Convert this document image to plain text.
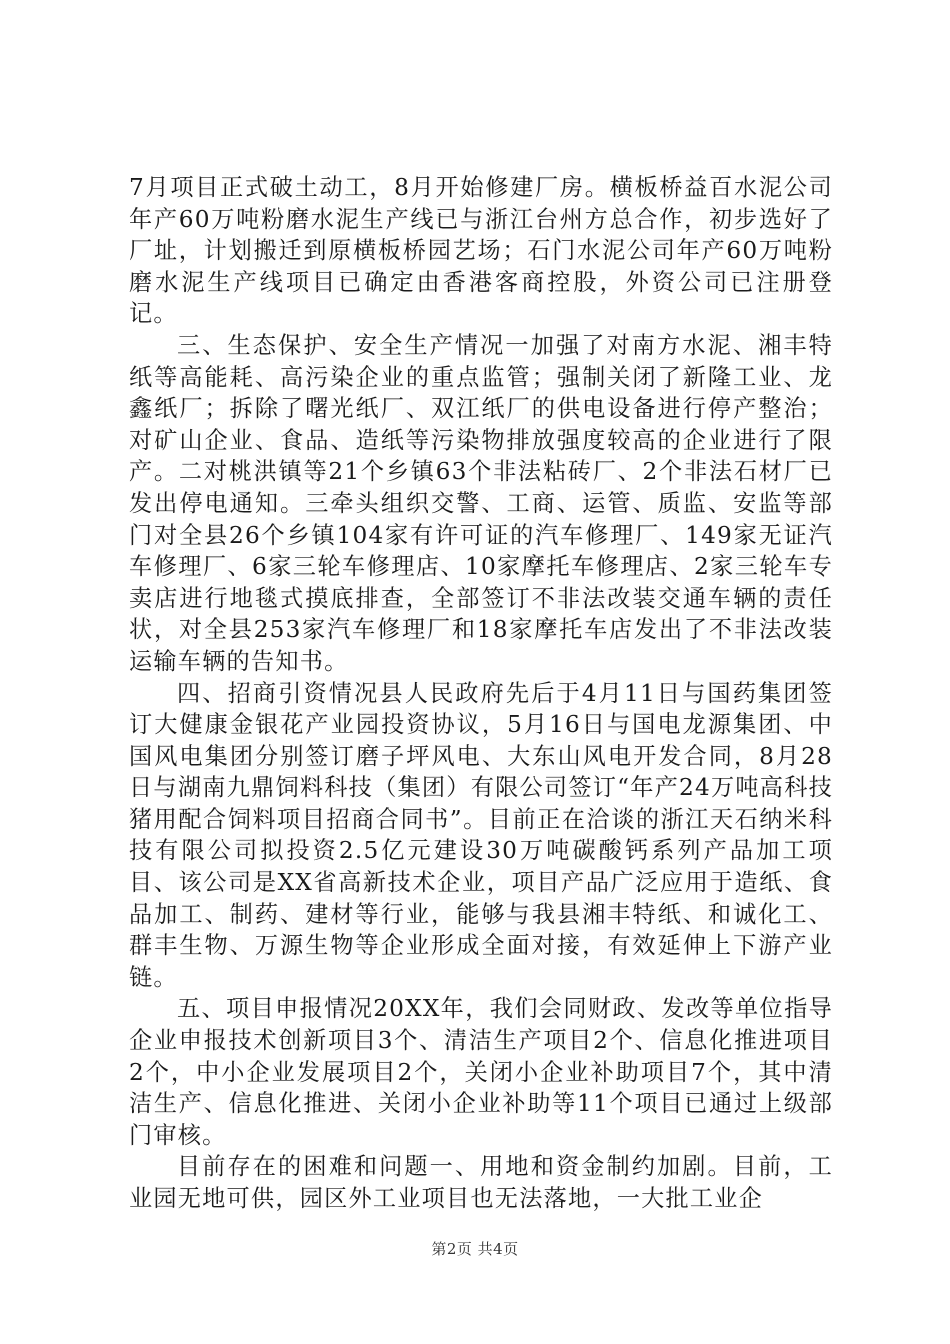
7月项目正式破土动工，8月开始修建厂房。横板桥益百水泥公司年产60万吨粉磨水泥生产线已与浙江台州方总合作，初步选好了厂址，计划搬迁到原横板桥园艺场；石门水泥公司年产60万吨粉磨水泥生产线项目已确定由香港客商控股，外资公司已注册登记。

三、生态保护、安全生产情况一加强了对南方水泥、湘丰特纸等高能耗、高污染企业的重点监管；强制关闭了新隆工业、龙鑫纸厂；拆除了曙光纸厂、双江纸厂的供电设备进行停产整治；对矿山企业、食品、造纸等污染物排放强度较高的企业进行了限产。二对桃洪镇等21个乡镇63个非法粘砖厂、2个非法石材厂已发出停电通知。三牵头组织交警、工商、运管、质监、安监等部门对全县26个乡镇104家有许可证的汽车修理厂、149家无证汽车修理厂、6家三轮车修理店、10家摩托车修理店、2家三轮车专卖店进行地毯式摸底排查，全部签订不非法改装交通车辆的责任状，对全县253家汽车修理厂和18家摩托车店发出了不非法改装运输车辆的告知书。

四、招商引资情况县人民政府先后于4月11日与国药集团签订大健康金银花产业园投资协议，5月16日与国电龙源集团、中国风电集团分别签订磨子坪风电、大东山风电开发合同，8月28日与湖南九鼎饲料科技（集团）有限公司签订“年产24万吨高科技猪用配合饲料项目招商合同书”。目前正在洽谈的浙江天石纳米科技有限公司拟投资2.5亿元建设30万吨碳酸钙系列产品加工项目、该公司是XX省高新技术企业，项目产品广泛应用于造纸、食品加工、制药、建材等行业，能够与我县湘丰特纸、和诚化工、群丰生物、万源生物等企业形成全面对接，有效延伸上下游产业链。

五、项目申报情况20XX年，我们会同财政、发改等单位指导企业申报技术创新项目3个、清洁生产项目2个、信息化推进项目2个，中小企业发展项目2个，关闭小企业补助项目7个，其中清洁生产、信息化推进、关闭小企业补助等11个项目已通过上级部门审核。

目前存在的困难和问题一、用地和资金制约加剧。目前，工业园无地可供，园区外工业项目也无法落地，一大批工业企

第2页 共4页
